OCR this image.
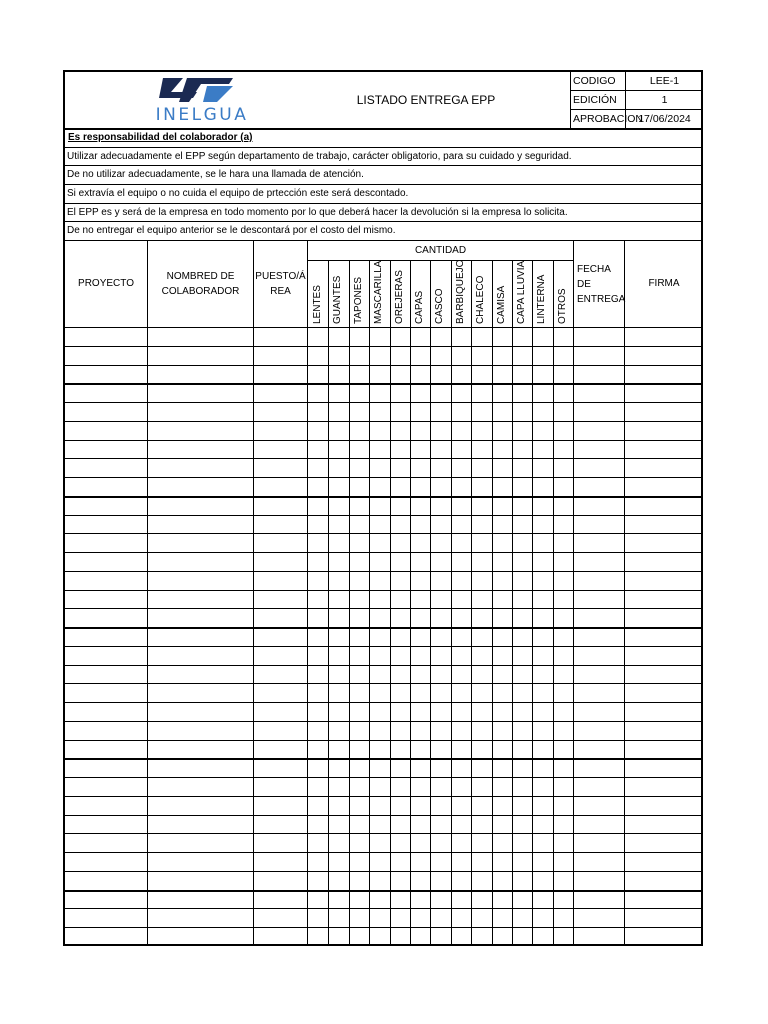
INELGUA
LISTADO ENTREGA EPP
CODIGO	LEE-1
EDICIÓN	1
APROBACION
17/06/2024
Es responsabilidad del colaborador (a)
Utilizar adecuadamente el EPP según departamento de trabajo, carácter obligatorio, para su cuidado y seguridad.
De no utilizar adecuadamente, se le hara una llamada de atención.
Si extravía el equipo o no cuida el equipo de prtección este será descontado.
El EPP es y será de la empresa en todo momento por lo que deberá hacer la devolución si la empresa lo solicita.
De no entregar el equipo anterior se le descontará por el costo del mismo.
PROYECTO
NOMBRED DE
COLABORADOR
PUESTO/Á
REA
CANTIDAD
FECHA DE
ENTREGA
FIRMA
LENTES GUANTES TAPONES MASCARILLA OREJERAS CAPAS CASCO BARBIQUEJO CHALECO CAMISA CAPA LLUVIA LINTERNA OTROS
